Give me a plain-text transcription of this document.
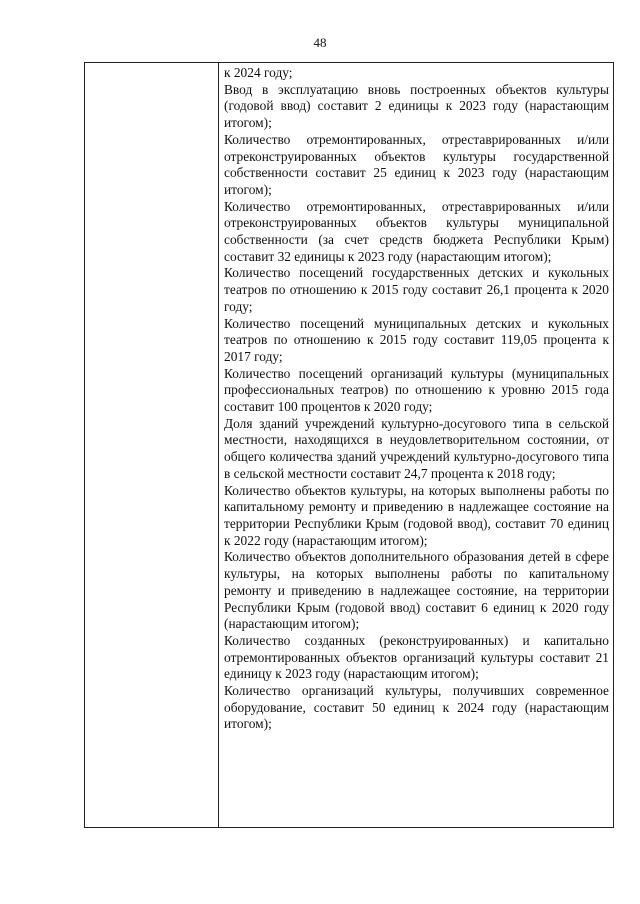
48

к 2024 году;

Ввод в эксплуатацию вновь построенных объектов культуры (годовой ввод) составит 2 единицы к 2023 году (нарастающим итогом);

Количество отремонтированных, отреставрированных и/или отреконструированных объектов культуры государственной собственности составит 25 единиц к 2023 году (нарастающим итогом);

Количество отремонтированных, отреставрированных и/или отреконструированных объектов культуры муниципальной собственности (за счет средств бюджета Республики Крым) составит 32 единицы к 2023 году (нарастающим итогом);

Количество посещений государственных детских и кукольных театров по отношению к 2015 году составит 26,1 процента к 2020 году;

Количество посещений муниципальных детских и кукольных театров по отношению к 2015 году составит 119,05 процента к 2017 году;

Количество посещений организаций культуры (муниципальных профессиональных театров) по отношению к уровню 2015 года составит 100 процентов к 2020 году;

Доля зданий учреждений культурно-досугового типа в сельской местности, находящихся в неудовлетворительном состоянии, от общего количества зданий учреждений культурно-досугового типа в сельской местности составит 24,7 процента к 2018 году;

Количество объектов культуры, на которых выполнены работы по капитальному ремонту и приведению в надлежащее состояние на территории Республики Крым (годовой ввод), составит 70 единиц к 2022 году (нарастающим итогом);

Количество объектов дополнительного образования детей в сфере культуры, на которых выполнены работы по капитальному ремонту и приведению в надлежащее состояние, на территории Республики Крым (годовой ввод) составит 6 единиц к 2020 году (нарастающим итогом);

Количество созданных (реконструированных) и капитально отремонтированных объектов организаций культуры составит 21 единицу к 2023 году (нарастающим итогом);

Количество организаций культуры, получивших современное оборудование, составит 50 единиц к 2024 году (нарастающим итогом);
